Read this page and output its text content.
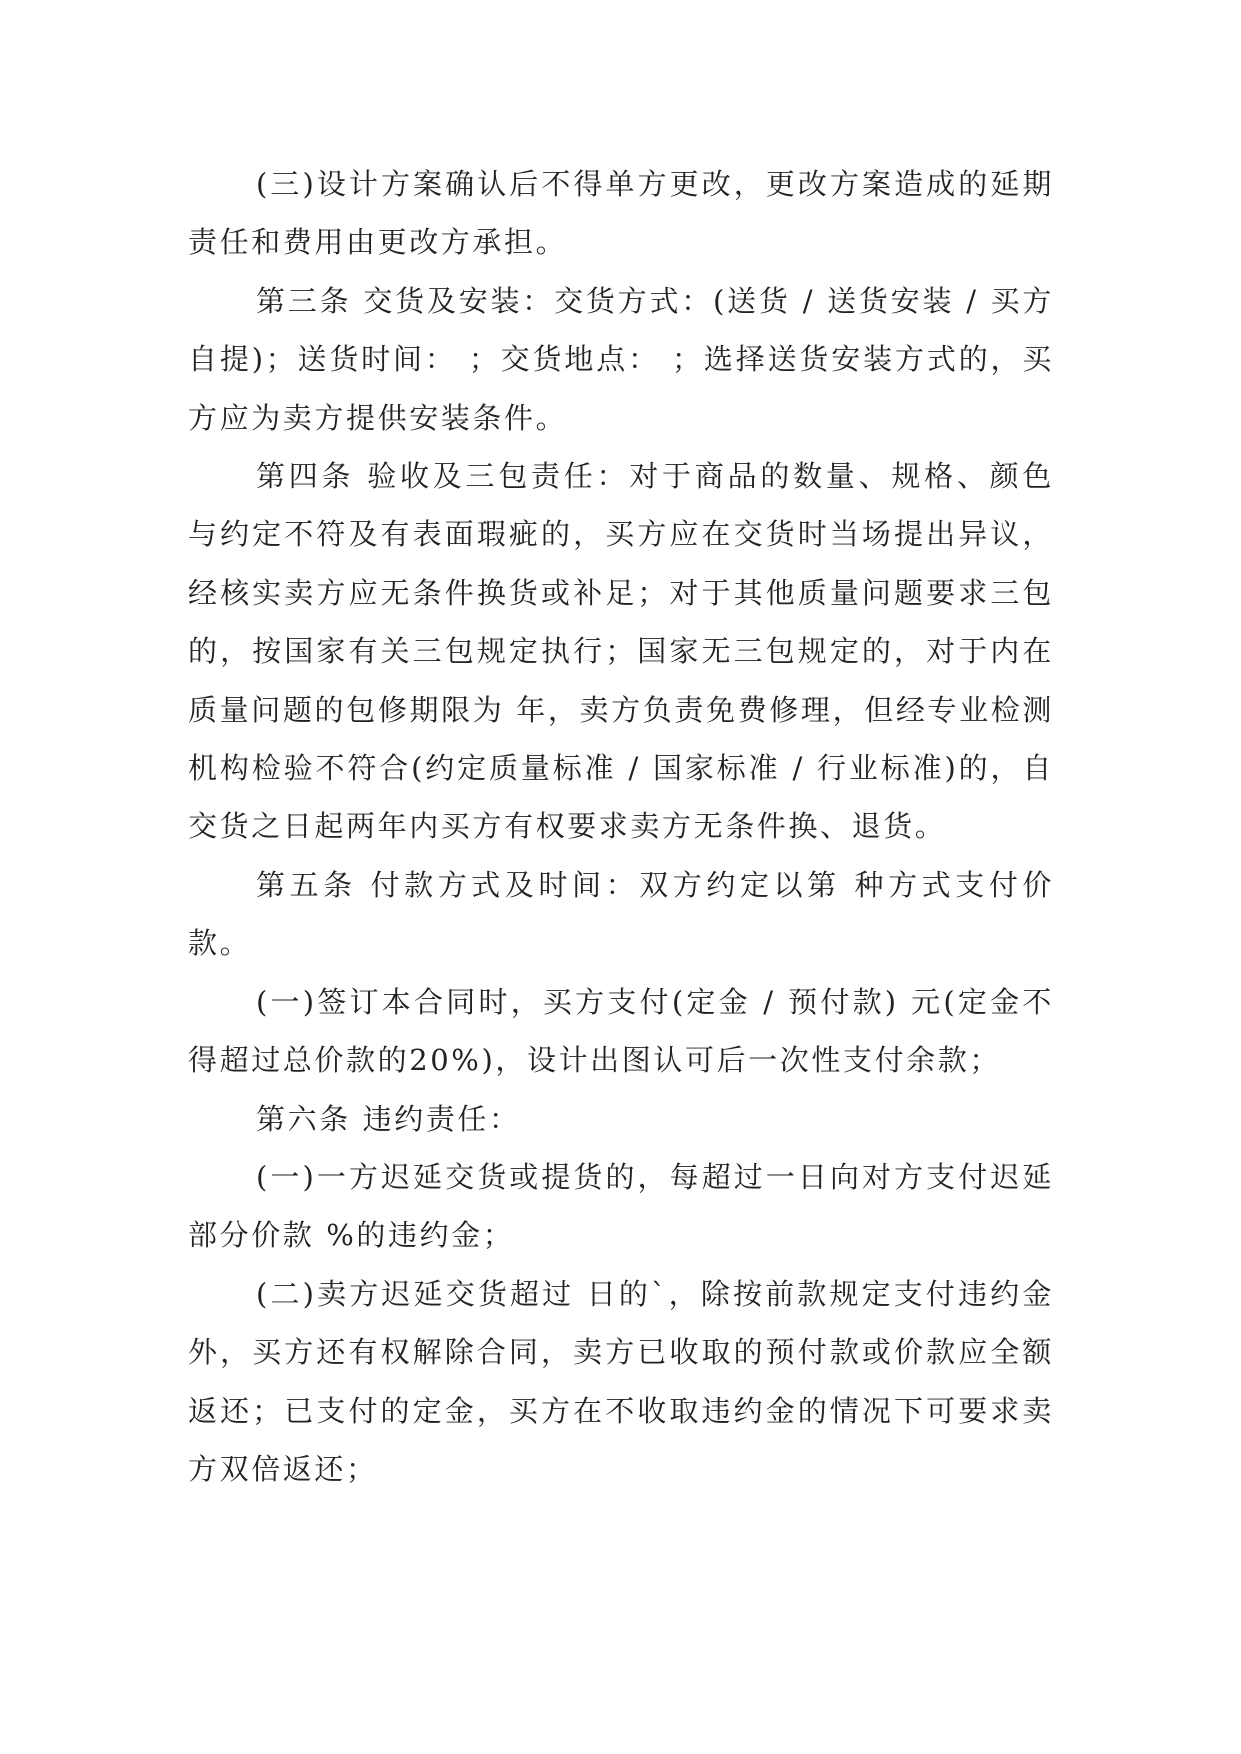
(三)设计方案确认后不得单方更改，更改方案造成的延期责任和费用由更改方承担。

第三条 交货及安装：交货方式：(送货 / 送货安装 / 买方自提)；送货时间： ；交货地点： ；选择送货安装方式的，买方应为卖方提供安装条件。

第四条 验收及三包责任：对于商品的数量、规格、颜色与约定不符及有表面瑕疵的，买方应在交货时当场提出异议，经核实卖方应无条件换货或补足；对于其他质量问题要求三包的，按国家有关三包规定执行；国家无三包规定的，对于内在质量问题的包修期限为 年，卖方负责免费修理，但经专业检测机构检验不符合(约定质量标准 / 国家标准 / 行业标准)的，自交货之日起两年内买方有权要求卖方无条件换、退货。

第五条 付款方式及时间：双方约定以第 种方式支付价款。

(一)签订本合同时，买方支付(定金 / 预付款) 元(定金不得超过总价款的20%)，设计出图认可后一次性支付余款；

第六条 违约责任：

(一)一方迟延交货或提货的，每超过一日向对方支付迟延部分价款 %的违约金；

(二)卖方迟延交货超过 日的`，除按前款规定支付违约金外，买方还有权解除合同，卖方已收取的预付款或价款应全额返还；已支付的定金，买方在不收取违约金的情况下可要求卖方双倍返还；
